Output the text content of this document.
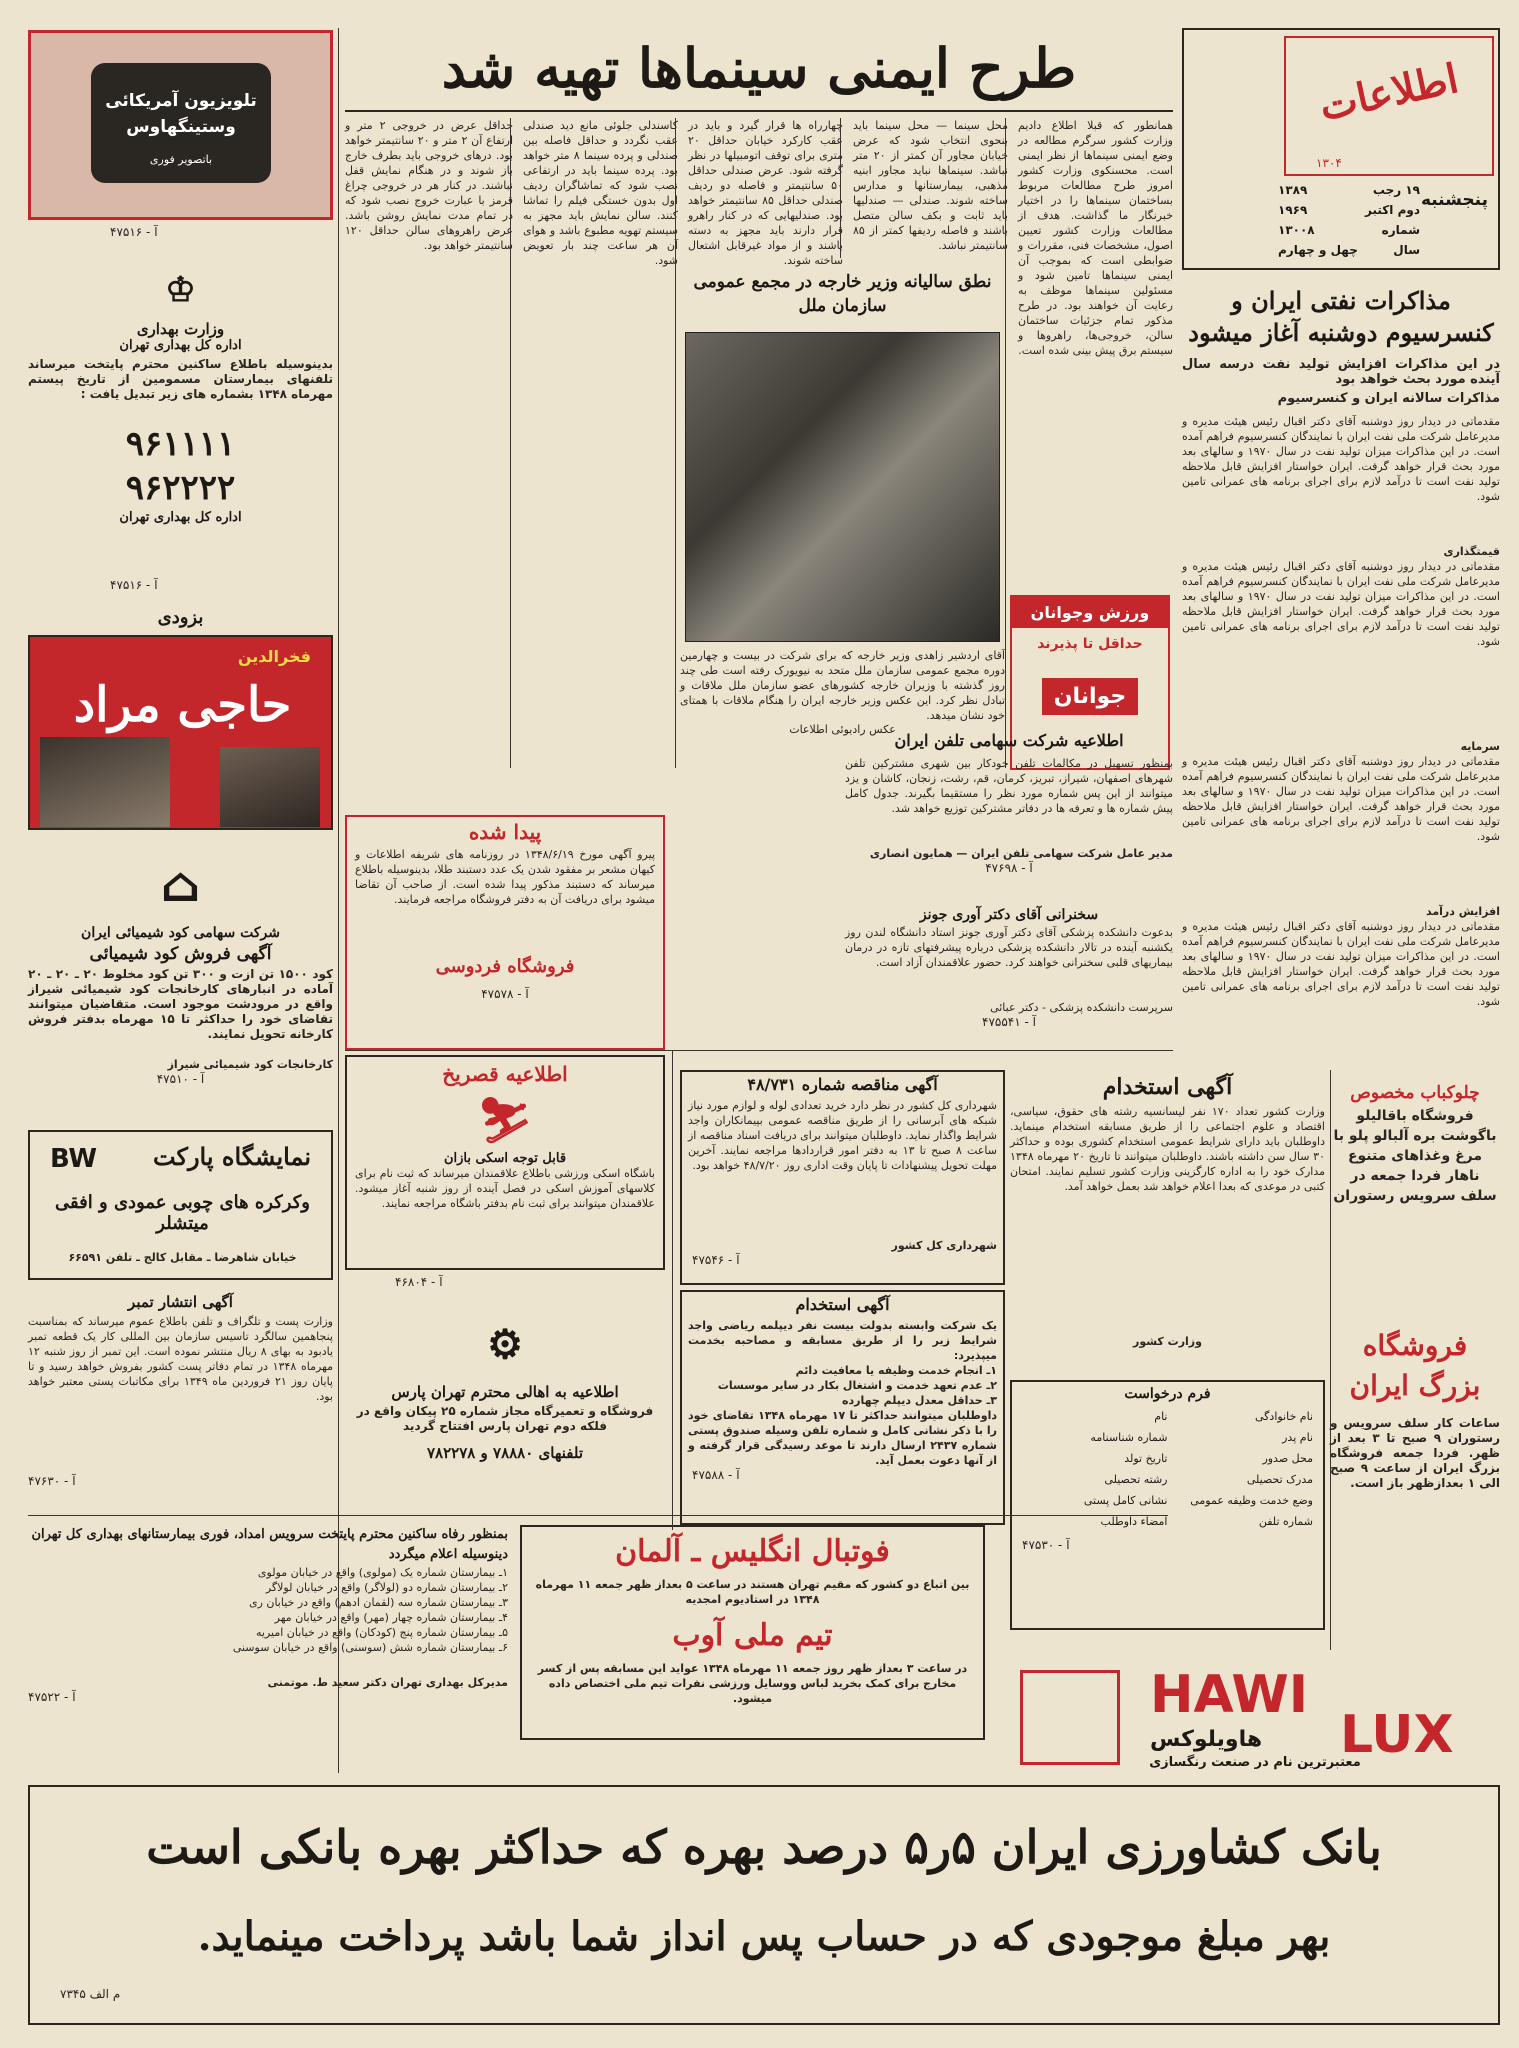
طرح ایمنی سینماها تهیه شد	اطلاعات
۱۳۰۴
پنجشنبه
۱۹ رجب
۱۳۸۹
دوم اکتبر
۱۹۶۹
شماره
۱۳۰۰۸
سال
چهل و چهارم
مذاکرات نفتی ایران و کنسرسیوم دوشنبه آغاز میشود
در این مذاکرات افزایش تولید نفت درسه سال آینده مورد بحث خواهد بود
مذاکرات سالانه ایران و کنسرسیوم
مقدماتی در دیدار روز دوشنبه آقای دکتر اقبال رئیس هیئت مدیره و مدیرعامل شرکت ملی نفت ایران با نمایندگان کنسرسیوم فراهم آمده است. در این مذاکرات میزان تولید نفت در سال ۱۹۷۰ و سالهای بعد مورد بحث قرار خواهد گرفت. ایران خواستار افزایش قابل ملاحظه تولید نفت است تا درآمد لازم برای اجرای برنامه های عمرانی تامین شود.
قیمتگذاری
مقدماتی در دیدار روز دوشنبه آقای دکتر اقبال رئیس هیئت مدیره و مدیرعامل شرکت ملی نفت ایران با نمایندگان کنسرسیوم فراهم آمده است. در این مذاکرات میزان تولید نفت در سال ۱۹۷۰ و سالهای بعد مورد بحث قرار خواهد گرفت. ایران خواستار افزایش قابل ملاحظه تولید نفت است تا درآمد لازم برای اجرای برنامه های عمرانی تامین شود.
سرمایه
مقدماتی در دیدار روز دوشنبه آقای دکتر اقبال رئیس هیئت مدیره و مدیرعامل شرکت ملی نفت ایران با نمایندگان کنسرسیوم فراهم آمده است. در این مذاکرات میزان تولید نفت در سال ۱۹۷۰ و سالهای بعد مورد بحث قرار خواهد گرفت. ایران خواستار افزایش قابل ملاحظه تولید نفت است تا درآمد لازم برای اجرای برنامه های عمرانی تامین شود.
افزایش درآمد
مقدماتی در دیدار روز دوشنبه آقای دکتر اقبال رئیس هیئت مدیره و مدیرعامل شرکت ملی نفت ایران با نمایندگان کنسرسیوم فراهم آمده است. در این مذاکرات میزان تولید نفت در سال ۱۹۷۰ و سالهای بعد مورد بحث قرار خواهد گرفت. ایران خواستار افزایش قابل ملاحظه تولید نفت است تا درآمد لازم برای اجرای برنامه های عمرانی تامین شود.
همانطور که قبلا اطلاع دادیم وزارت کشور سرگرم مطالعه در وضع ایمنی سینماها از نظر ایمنی است. محسنکوی وزارت کشور امروز طرح مطالعات مربوط بساختمان سینماها را در اختیار خبرنگار ما گذاشت. هدف از مطالعات وزارت کشور تعیین اصول، مشخصات فنی، مقررات و ضوابطی است که بموجب آن ایمنی سینماها تامین شود و مسئولین سینماها موظف به رعایت آن خواهند بود. در طرح مذکور تمام جزئیات ساختمان سالن، خروجی‌ها، راهروها و سیستم برق پیش بینی شده است.
محل سینما — محل سینما باید بنحوی انتخاب شود که عرض خیابان مجاور آن کمتر از ۲۰ متر نباشد. سینماها نباید مجاور ابنیه مذهبی، بیمارستانها و مدارس ساخته شوند. صندلی — صندلیها باید ثابت و بکف سالن متصل باشند و فاصله ردیفها کمتر از ۸۵ سانتیمتر نباشد.
چهارراه ها قرار گیرد و باید در عقب کارکرد خیابان حداقل ۲۰ متری برای توقف اتومبیلها در نظر گرفته شود. عرض صندلی حداقل ۵۰ سانتیمتر و فاصله دو ردیف صندلی حداقل ۸۵ سانتیمتر خواهد بود. صندلیهایی که در کنار راهرو قرار دارند باید مجهز به دسته باشند و از مواد غیرقابل اشتعال ساخته شوند.
کاسندلی جلوئی مانع دید صندلی عقب نگردد و حداقل فاصله بین صندلی و پرده سینما ۸ متر خواهد بود. پرده سینما باید در ارتفاعی نصب شود که تماشاگران ردیف اول بدون خستگی فیلم را تماشا کنند. سالن نمایش باید مجهز به سیستم تهویه مطبوع باشد و هوای آن هر ساعت چند بار تعویض شود.
حداقل عرض در خروجی ۲ متر و ارتفاع آن ۲ متر و ۲۰ سانتیمتر خواهد بود. درهای خروجی باید بطرف خارج باز شوند و در هنگام نمایش قفل نباشند. در کنار هر در خروجی چراغ قرمز با عبارت خروج نصب شود که در تمام مدت نمایش روشن باشد. عرض راهروهای سالن حداقل ۱۲۰ سانتیمتر خواهد بود.
ورزش وجوانان
حداقل تا پذیرند
جوانان
نطق سالیانه وزیر خارجه در مجمع عمومی سازمان ملل
آقای اردشیر زاهدی وزیر خارجه که برای شرکت در بیست و چهارمین دوره مجمع عمومی سازمان ملل متحد به نیویورک رفته است طی چند روز گذشته با وزیران خارجه کشورهای عضو سازمان ملل ملاقات و تبادل نظر کرد. این عکس وزیر خارجه ایران را هنگام ملاقات با همتای خود نشان میدهد.
عکس رادیوئی اطلاعات
اطلاعیه شرکت سهامی تلفن ایران
بمنظور تسهیل در مکالمات تلفن خودکار بین شهری مشترکین تلفن شهرهای اصفهان، شیراز، تبریز، کرمان، قم، رشت، زنجان، کاشان و یزد میتوانند از این پس شماره مورد نظر را مستقیما بگیرند. جدول کامل پیش شماره ها و تعرفه ها در دفاتر مشترکین توزیع خواهد شد.
مدیر عامل شرکت سهامی تلفن ایران — همایون انصاری
آ - ۴۷۶۹۸
سخنرانی آقای دکتر آوری جونز
بدعوت دانشکده پزشکی آقای دکتر آوری جونز استاد دانشگاه لندن روز یکشنبه آینده در تالار دانشکده پزشکی درباره پیشرفتهای تازه در درمان بیماریهای قلبی سخنرانی خواهند کرد. حضور علاقمندان آزاد است.
سرپرست دانشکده پزشکی - دکتر عبائی
آ - ۴۷۵۵۴۱
پیدا شده
پیرو آگهی مورخ ۱۳۴۸/۶/۱۹ در روزنامه های شریفه اطلاعات و کیهان مشعر بر مفقود شدن یک عدد دستبند طلا، بدینوسیله باطلاع میرساند که دستبند مذکور پیدا شده است. از صاحب آن تقاضا میشود برای دریافت آن به دفتر فروشگاه مراجعه فرمایند.
فروشگاه فردوسی
آ - ۴۷۵۷۸
آگهی مناقصه شماره ۴۸/۷۳۱
شهرداری کل کشور در نظر دارد خرید تعدادی لوله و لوازم مورد نیاز شبکه های آبرسانی را از طریق مناقصه عمومی بپیمانکاران واجد شرایط واگذار نماید. داوطلبان میتوانند برای دریافت اسناد مناقصه از ساعت ۸ صبح تا ۱۳ به دفتر امور قراردادها مراجعه نمایند. آخرین مهلت تحویل پیشنهادات تا پایان وقت اداری روز ۴۸/۷/۲۰ خواهد بود.
شهرداری کل کشور
آ - ۴۷۵۴۶
آگهی استخدام
وزارت کشور تعداد ۱۷۰ نفر لیسانسیه رشته های حقوق، سیاسی، اقتصاد و علوم اجتماعی را از طریق مسابقه استخدام مینماید. داوطلبان باید دارای شرایط عمومی استخدام کشوری بوده و حداکثر ۳۰ سال سن داشته باشند. داوطلبان میتوانند تا تاریخ ۲۰ مهرماه ۱۳۴۸ مدارک خود را به اداره کارگزینی وزارت کشور تسلیم نمایند. امتحان کتبی در موعدی که بعدا اعلام خواهد شد بعمل خواهد آمد.
وزارت کشور
آگهی استخدام
یک شرکت وابسته بدولت بیست نفر دیپلمه ریاضی واجد شرایط زیر را از طریق مسابقه و مصاحبه بخدمت میپذیرد:
۱ـ انجام خدمت وظیفه یا معافیت دائم
۲ـ عدم تعهد خدمت و اشتغال بکار در سایر موسسات
۳ـ حداقل معدل دیپلم چهارده
داوطلبان میتوانند حداکثر تا ۱۷ مهرماه ۱۳۴۸ تقاضای خود را با ذکر نشانی کامل و شماره تلفن وسیله صندوق پستی شماره ۲۴۳۷ ارسال دارند تا موعد رسیدگی قرار گرفته و از آنها دعوت بعمل آید.
آ - ۴۷۵۸۸
فرم درخواست
نام خانوادگی
نام
نام پدر
شماره شناسنامه
محل صدور
تاریخ تولد
مدرک تحصیلی
رشته تحصیلی
وضع خدمت وظیفه عمومی
نشانی کامل پستی
شماره تلفن
امضاء داوطلب
آ - ۴۷۵۳۰
چلوکباب مخصوص
فروشگاه باقالیلو باگوشت بره آلبالو پلو با مرغ وغذاهای متنوع ناهار فردا جمعه در سلف سرویس رستوران
فروشگاه بزرگ ایران
ساعات کار سلف سرویس و رستوران ۹ صبح تا ۳ بعد از ظهر. فردا جمعه فروشگاه بزرگ ایران از ساعت ۹ صبح الی ۱ بعدازظهر باز است.
تلویزیون آمریکائی وستینگهاوس
باتصویر فوری
آ - ۴۷۵۱۶
♔
وزارت بهداری
اداره کل بهداری تهران
بدینوسیله باطلاع ساکنین محترم پایتخت میرساند تلفنهای بیمارستان مسمومین از تاریخ پیستم مهرماه ۱۳۴۸ بشماره های زیر تبدیل یافت :
۹۶۱۱۱۱
۹۶۲۲۲۲
اداره کل بهداری تهران
آ - ۴۷۵۱۶
بزودی
حاجی مراد
فخرالدین
⌂
شرکت سهامی کود شیمیائی ایران
آگهی فروش کود شیمیائی
کود ۱۵۰۰ تن ازت و ۳۰۰ تن کود مخلوط ۲۰ ـ ۲۰ ـ ۲۰ آماده در انبارهای کارخانجات کود شیمیائی شیراز واقع در مرودشت موجود است. متقاضیان میتوانند تقاضای خود را حداکثر تا ۱۵ مهرماه بدفتر فروش کارخانه تحویل نمایند.
کارخانجات کود شیمیائی شیراز
آ - ۴۷۵۱۰
BW نمایشگاه پارکت
وکرکره های چوبی عمودی و افقی میتشلر
خیابان شاهرضا ـ مقابل کالج ـ تلفن ۶۶۵۹۱
آگهی انتشار تمبر
وزارت پست و تلگراف و تلفن باطلاع عموم میرساند که بمناسبت پنجاهمین سالگرد تاسیس سازمان بین المللی کار یک قطعه تمبر یادبود به بهای ۸ ریال منتشر نموده است. این تمبر از روز شنبه ۱۲ مهرماه ۱۳۴۸ در تمام دفاتر پست کشور بفروش خواهد رسید و تا پایان روز ۲۱ فروردین ماه ۱۳۴۹ برای مکاتبات پستی معتبر خواهد بود.
آ - ۴۷۶۳۰
اطلاعیه قصریخ
⛷
قابل توجه اسکی بازان
باشگاه اسکی ورزشی باطلاع علاقمندان میرساند که ثبت نام برای کلاسهای آموزش اسکی در فصل آینده از روز شنبه آغاز میشود. علاقمندان میتوانند برای ثبت نام بدفتر باشگاه مراجعه نمایند.
آ - ۴۶۸۰۴
⚙
اطلاعیه به اهالی محترم تهران پارس
فروشگاه و تعمیرگاه مجاز شماره ۲۵ پیکان واقع در فلکه دوم تهران پارس افتتاح گردید
تلفنهای ۷۸۸۸۰ و ۷۸۲۲۷۸
بمنظور رفاه ساکنین محترم پایتخت سرویس امداد، فوری بیمارستانهای بهداری کل تهران دینوسیله اعلام میگردد
۱ـ بیمارستان شماره یک (مولوی) واقع در خیابان مولوی
۲ـ بیمارستان شماره دو (لولاگر) واقع در خیابان لولاگر
۳ـ بیمارستان شماره سه (لقمان ادهم) واقع در خیابان ری
۴ـ بیمارستان شماره چهار (مهر) واقع در خیابان مهر
۵ـ بیمارستان شماره پنج (کودکان) واقع در خیابان امیریه
۶ـ بیمارستان شماره شش (سوسنی) واقع در خیابان سوسنی
مدیرکل بهداری تهران دکتر سعید ط. موتمنی
آ - ۴۷۵۲۲
فوتبال انگلیس ـ آلمان
بین اتباع دو کشور که مقیم تهران هستند در ساعت ۵ بعداز ظهر جمعه ۱۱ مهرماه ۱۳۴۸ در استادیوم امجدیه
تیم ملی آوب
در ساعت ۳ بعداز ظهر روز جمعه ۱۱ مهرماه ۱۳۴۸ عواید این مسابقه پس از کسر مخارج برای کمک بخرید لباس ووسایل ورزشی نفرات تیم ملی اختصاص داده میشود.	HAWI
LUX
هاویلوکس
معتبرترین نام در صنعت رنگسازی
بانک کشاورزی ایران ۵ر۵ درصد بهره که حداکثر بهره بانکی است
بهر مبلغ موجودی که در حساب پس انداز شما باشد پرداخت مینماید.
م الف ۷۳۴۵
